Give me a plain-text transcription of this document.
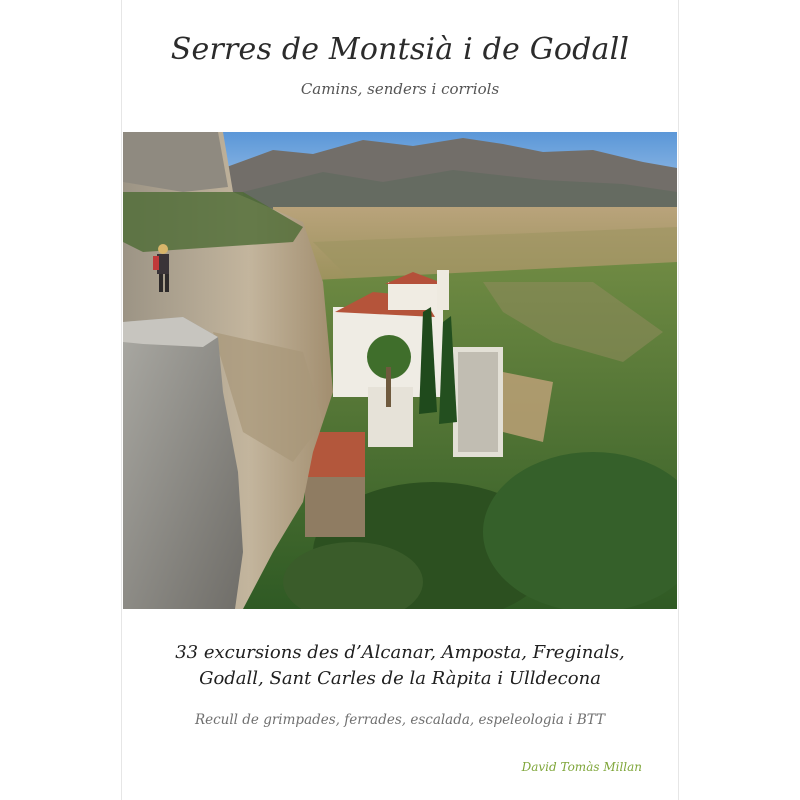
Serres de Montsià i de Godall
Camins, senders i corriols
33 excursions des d’Alcanar, Amposta, Freginals,
Godall, Sant Carles de la Ràpita i Ulldecona
Recull de grimpades, ferrades, escalada, espeleologia i BTT
David Tomàs Millan
